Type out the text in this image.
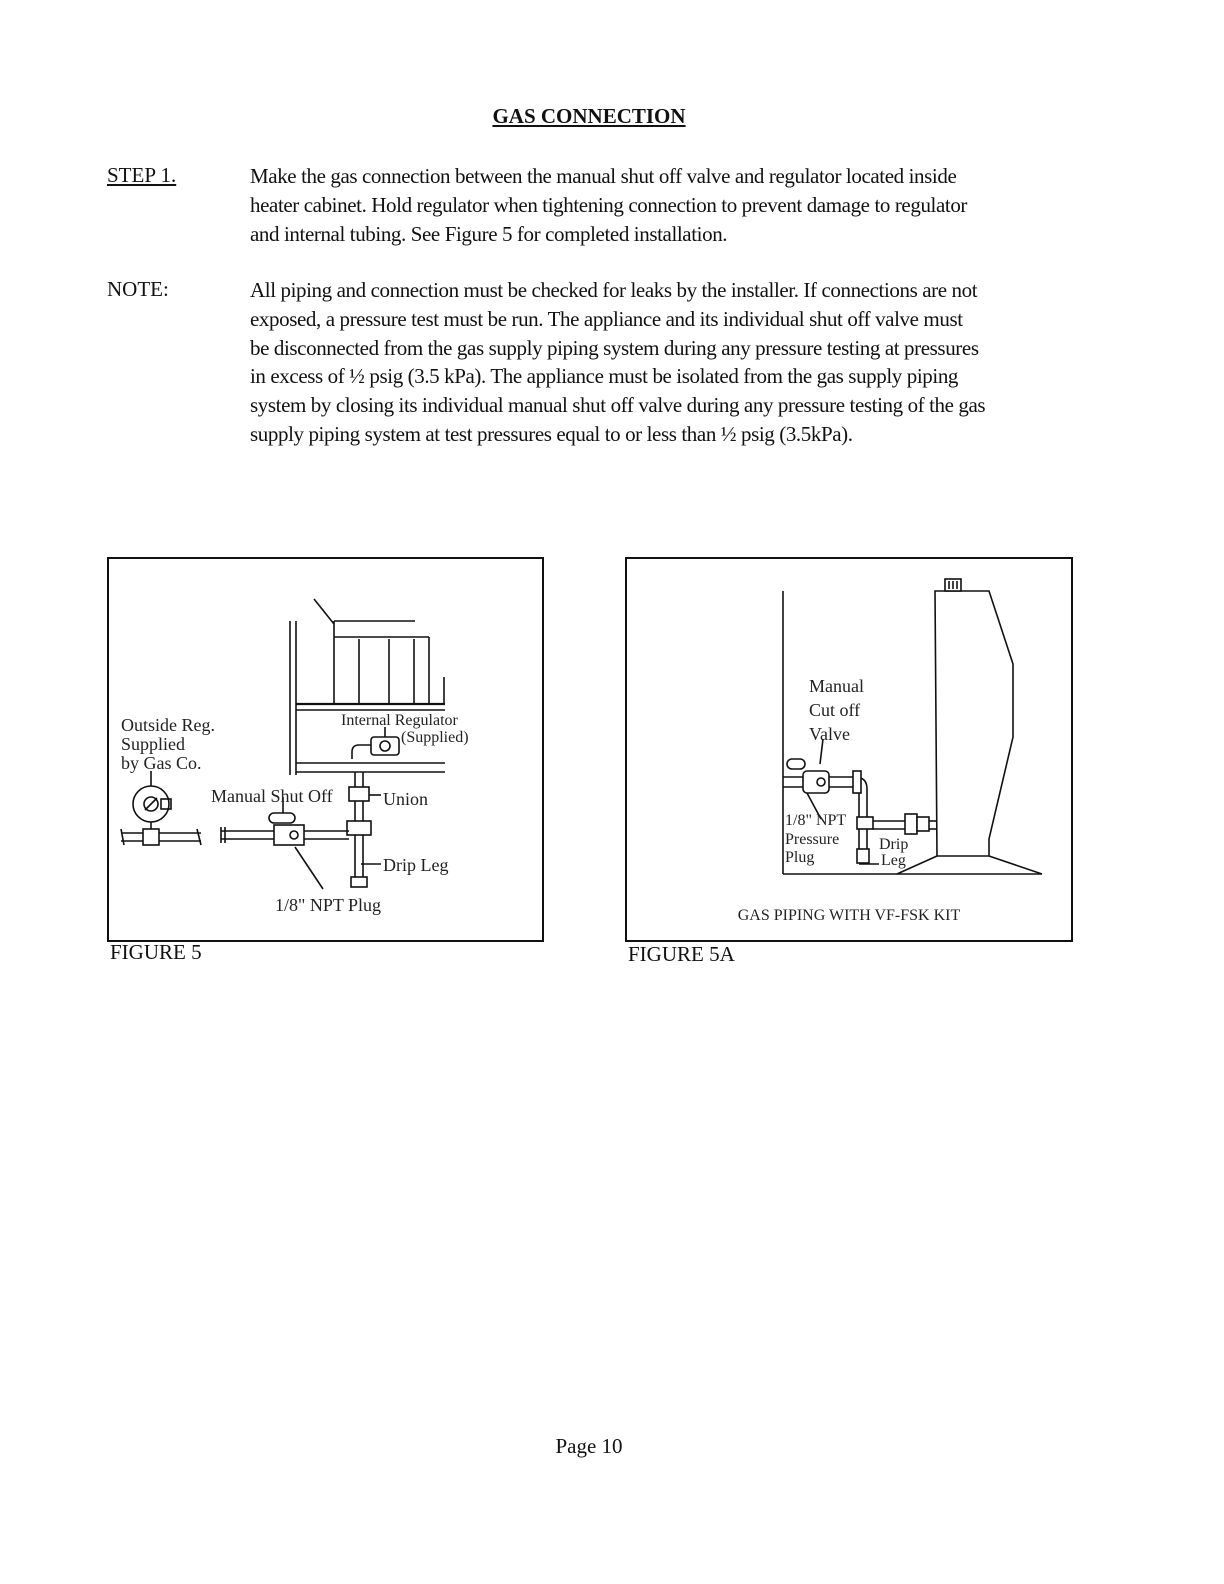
GAS CONNECTION
STEP 1.	Make the gas connection between the manual shut off valve and regulator located inside
heater cabinet. Hold regulator when tightening connection to prevent damage to regulator
and internal tubing. See Figure 5 for completed installation.

NOTE:	All piping and connection must be checked for leaks by the installer. If connections are not
exposed, a pressure test must be run. The appliance and its individual shut off valve must
be disconnected from the gas supply piping system during any pressure testing at pressures
in excess of ½ psig (3.5 kPa). The appliance must be isolated from the gas supply piping
system by closing its individual manual shut off valve during any pressure testing of the gas
supply piping system at test pressures equal to or less than ½ psig (3.5kPa).

Outside Reg.
Supplied
by Gas Co.
Internal Regulator
(Supplied)
Manual Shut Off	Union
Drip Leg
1/8" NPT Plug
FIGURE 5
Manual
Cut off
Valve
1/8" NPT
Pressure
Plug
Drip
Leg
GAS PIPING WITH VF-FSK KIT
FIGURE 5A
Page 10
